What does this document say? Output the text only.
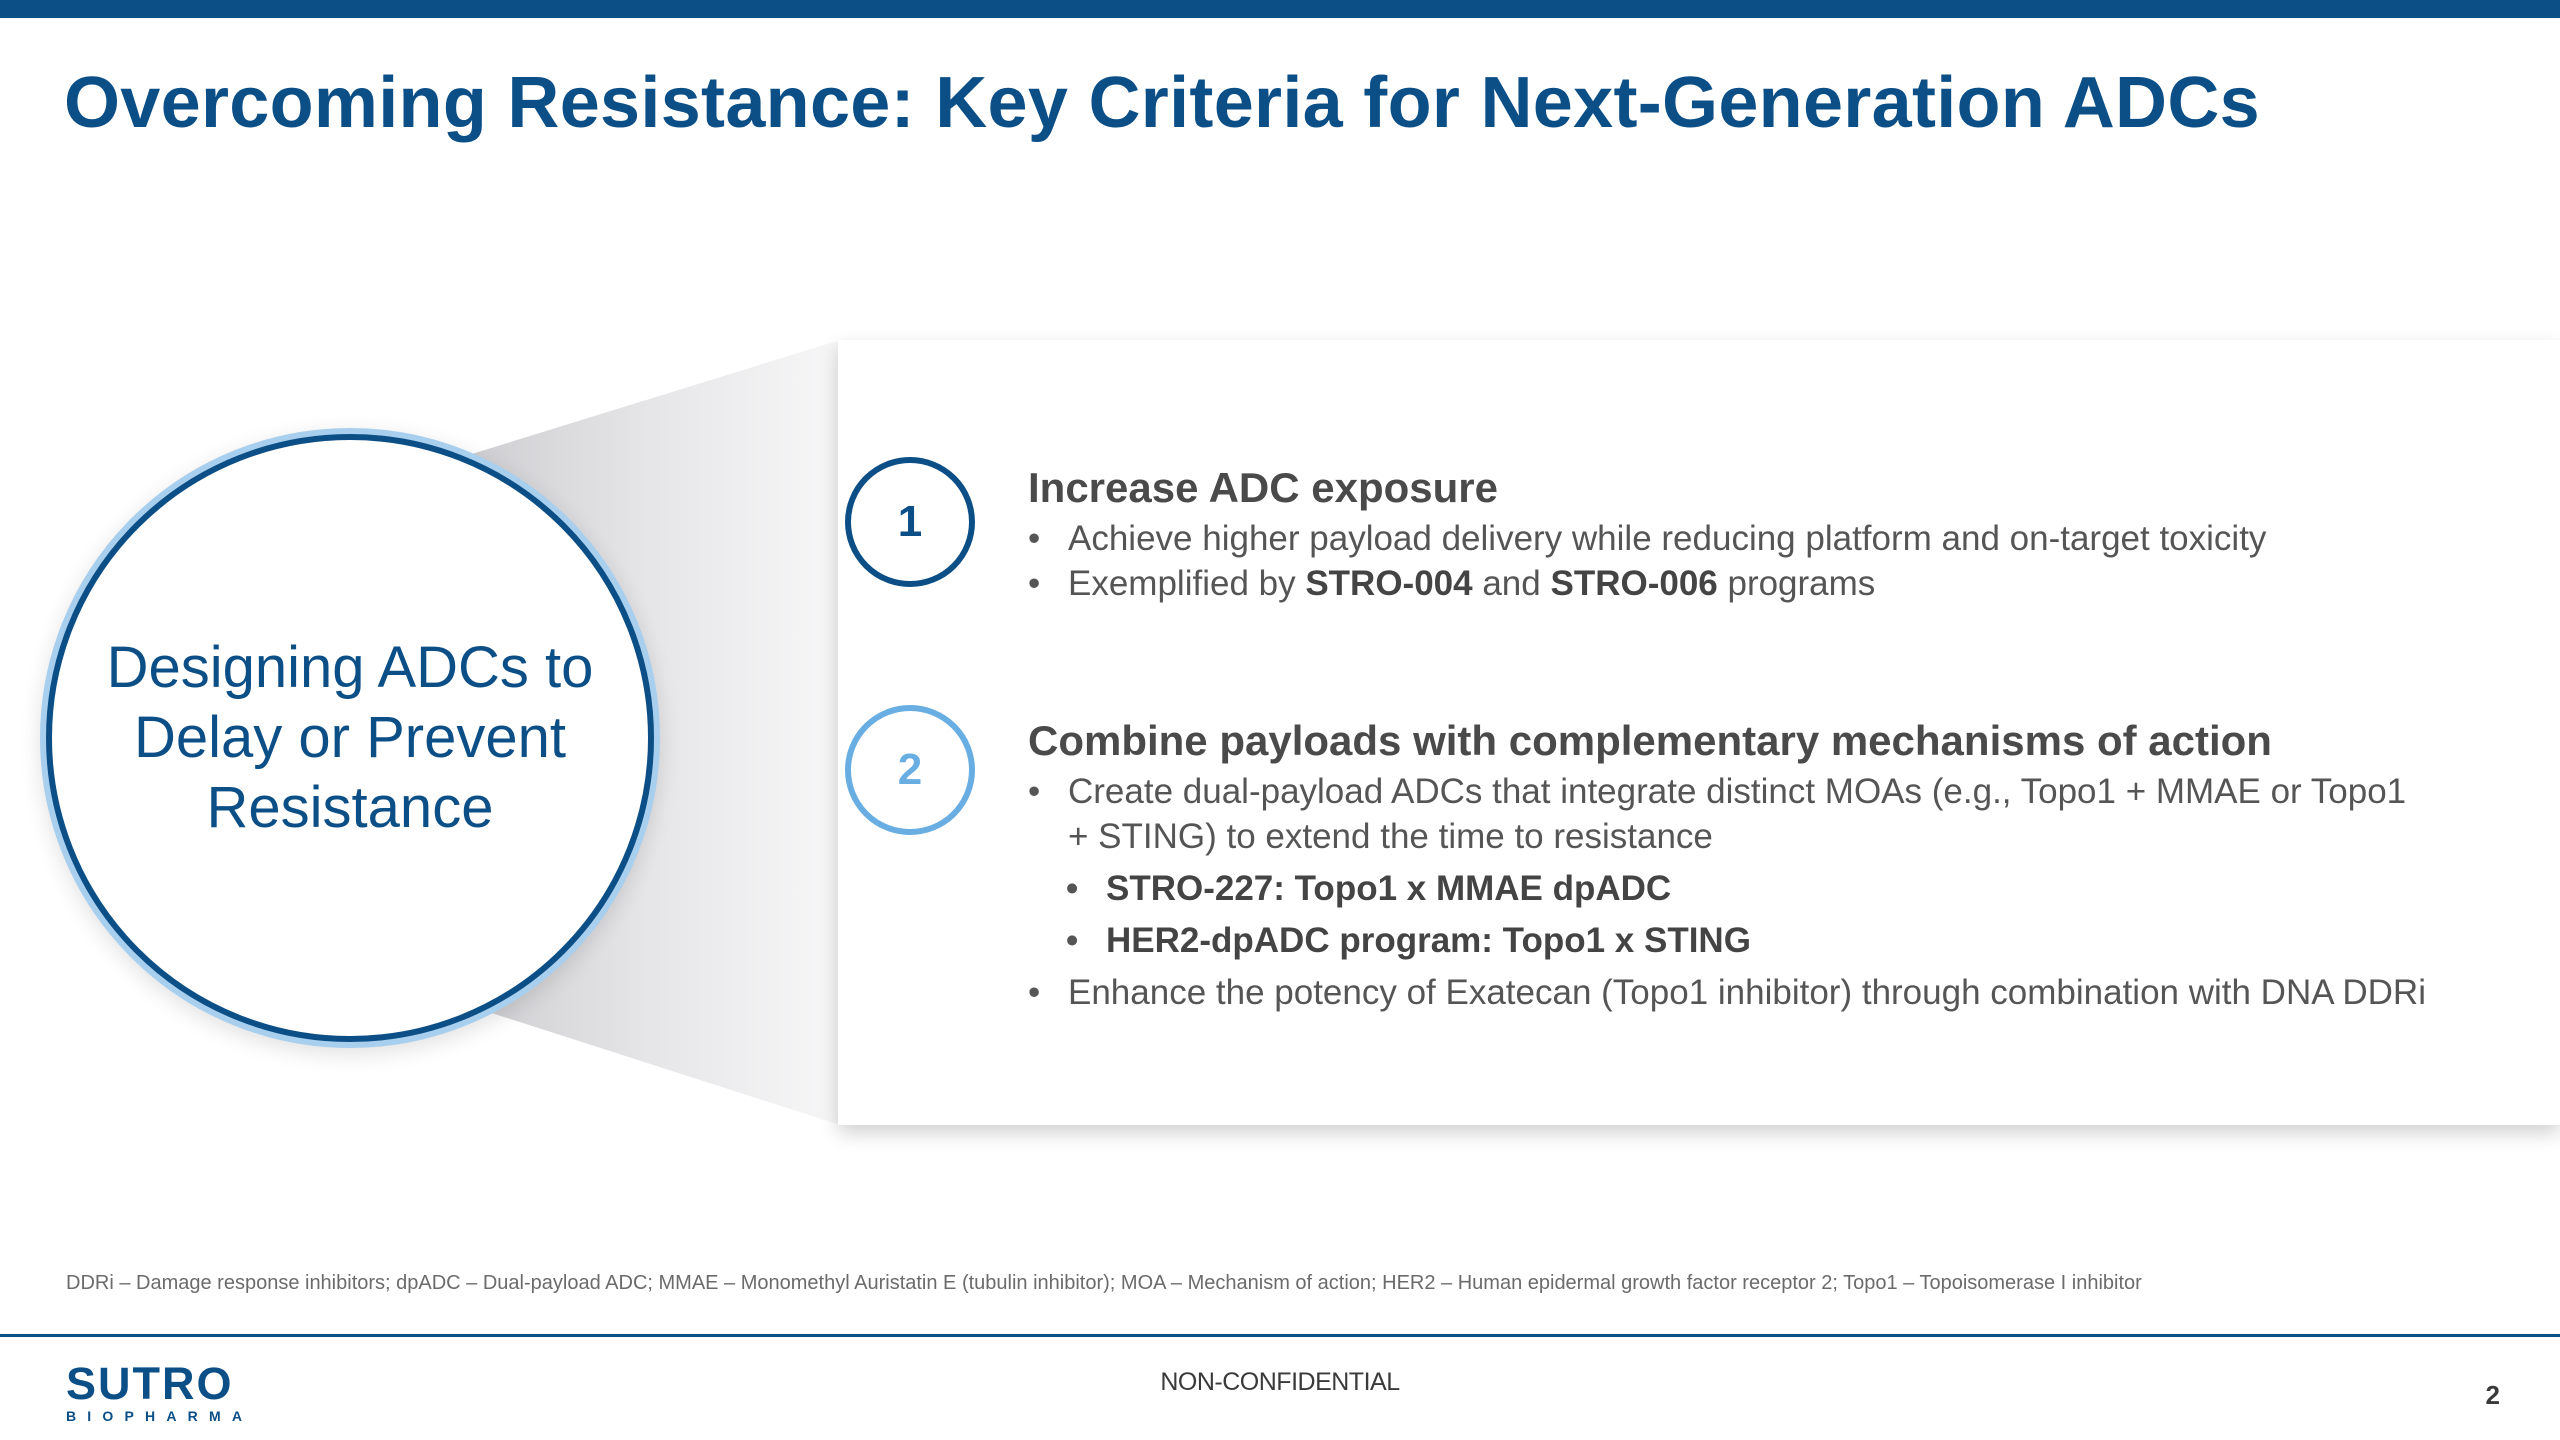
Overcoming Resistance: Key Criteria for Next-Generation ADCs
Designing ADCs to
Delay or Prevent
Resistance
1
2
Increase ADC exposure
• Achieve higher payload delivery while reducing platform and on-target toxicity
• Exemplified by STRO-004 and STRO-006 programs
Combine payloads with complementary mechanisms of action
• Create dual-payload ADCs that integrate distinct MOAs (e.g., Topo1 + MMAE or Topo1 + STING) to extend the time to resistance
• STRO-227: Topo1 x MMAE dpADC
• HER2-dpADC program: Topo1 x STING
• Enhance the potency of Exatecan (Topo1 inhibitor) through combination with DNA DDRi
DDRi – Damage response inhibitors; dpADC – Dual-payload ADC; MMAE – Monomethyl Auristatin E (tubulin inhibitor); MOA – Mechanism of action; HER2 – Human epidermal growth factor receptor 2; Topo1 – Topoisomerase I inhibitor
SUTRO
BIOPHARMA
NON-CONFIDENTIAL	2
